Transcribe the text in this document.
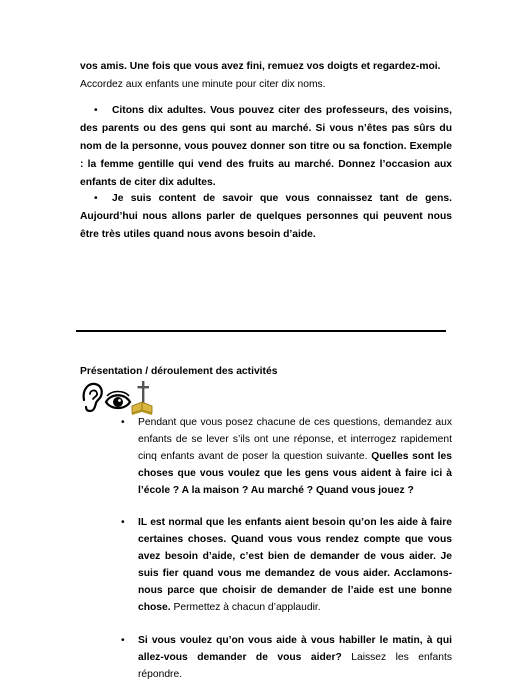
vos amis. Une fois que vous avez fini, remuez vos doigts et regardez-moi.
Accordez aux enfants une minute pour citer dix noms.
• Citons dix adultes. Vous pouvez citer des professeurs, des voisins, des parents ou des gens qui sont au marché. Si vous n’êtes pas sûrs du nom de la personne, vous pouvez donner son titre ou sa fonction. Exemple : la femme gentille qui vend des fruits au marché. Donnez l’occasion aux enfants de citer dix adultes.
• Je suis content de savoir que vous connaissez tant de gens. Aujourd’hui nous allons parler de quelques personnes qui peuvent nous être très utiles quand nous avons besoin d’aide.
Présentation / déroulement des activités
•	Pendant que vous posez chacune de ces questions, demandez aux enfants de se lever s’ils ont une réponse, et interrogez rapidement cinq enfants avant de poser la question suivante. Quelles sont les choses que vous voulez que les gens vous aident à faire ici à l’école ? A la maison ? Au marché ? Quand vous jouez ?
•	IL est normal que les enfants aient besoin qu’on les aide à faire certaines choses. Quand vous vous rendez compte que vous avez besoin d’aide, c’est bien de demander de vous aider. Je suis fier quand vous me demandez de vous aider. Acclamons-nous parce que choisir de demander de l’aide est une bonne chose. Permettez à chacun d’applaudir.
•	Si vous voulez qu’on vous aide à vous habiller le matin, à qui allez-vous demander de vous aider? Laissez les enfants répondre.
